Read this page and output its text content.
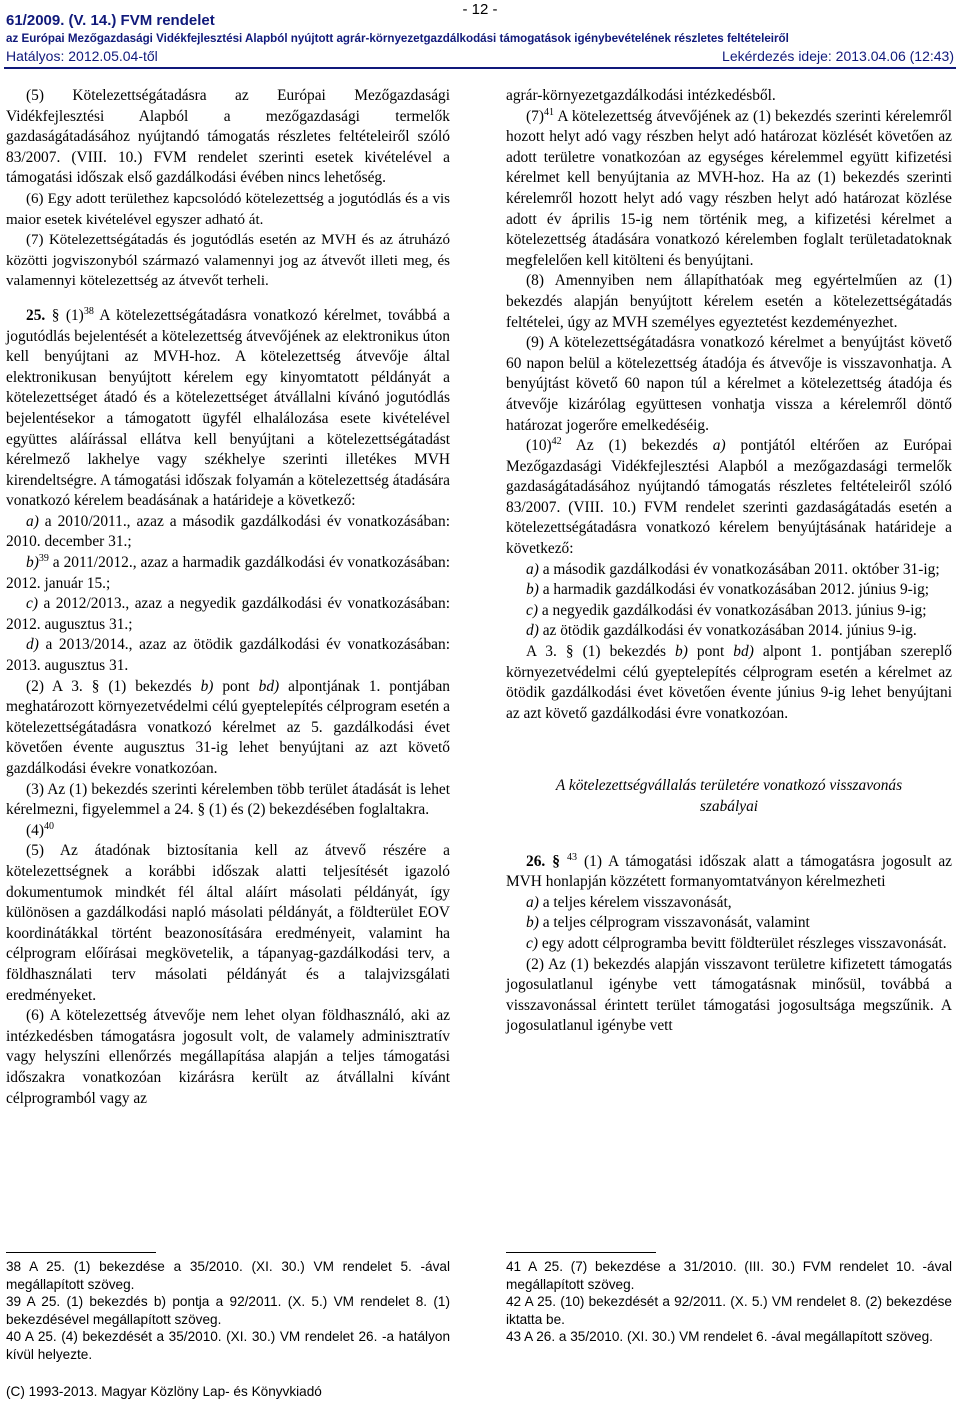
- 12 -
61/2009. (V. 14.) FVM rendelet
az Európai Mezőgazdasági Vidékfejlesztési Alapból nyújtott agrár-környezetgazdálkodási támogatások igénybevételének részletes feltételeiről
Hatályos: 2012.05.04-től	Lekérdezés ideje: 2013.04.06 (12:43)

(5) Kötelezettségátadásra az Európai Mezőgazdasági Vidékfejlesztési Alapból a mezőgazdasági termelők gazdaságátadásához nyújtandó támogatás részletes feltételeiről szóló 83/2007. (VIII. 10.) FVM rendelet szerinti esetek kivételével a támogatási időszak első gazdálkodási évében nincs lehetőség.

(6) Egy adott területhez kapcsolódó kötelezettség a jogutódlás és a vis maior esetek kivételével egyszer adható át.

(7) Kötelezettségátadás és jogutódlás esetén az MVH és az átruházó közötti jogviszonyból származó valamennyi jog az átvevőt illeti meg, és valamennyi kötelezettség az átvevőt terheli.

25. § $(1)^{38}$ A kötelezettségátadásra vonatkozó kérelmet, továbbá a jogutódlás bejelentését a kötelezettség átvevőjének az elektronikus úton kell benyújtani az MVH-hoz. A kötelezettség átvevője által elektronikusan benyújtott kérelem egy kinyomtatott példányát a kötelezettséget átadó és a kötelezettséget átvállalni kívánó jogutódlás bejelentésekor a támogatott ügyfél elhalálozása esete kivételével együttes aláírással ellátva kell benyújtani a kötelezettségátadást kérelmező lakhelye vagy székhelye szerinti illetékes MVH kirendeltségre. A támogatási időszak folyamán a kötelezettség átadására vonatkozó kérelem beadásának a határideje a következő:

a) a 2010/2011., azaz a második gazdálkodási év vonatkozásában: 2010. december 31.;

b)$^{39}$ a 2011/2012., azaz a harmadik gazdálkodási év vonatkozásában: 2012. január 15.;

c) a 2012/2013., azaz a negyedik gazdálkodási év vonatkozásában: 2012. augusztus 31.;

d) a 2013/2014., azaz az ötödik gazdálkodási év vonatkozásában: 2013. augusztus 31.

(2) A 3. § (1) bekezdés b) pont bd) alpontjának 1. pontjában meghatározott környezetvédelmi célú gyeptelepítés célprogram esetén a kötelezettségátadásra vonatkozó kérelmet az 5. gazdálkodási évet követően évente augusztus 31-ig lehet benyújtani az azt követő gazdálkodási évekre vonatkozóan.

(3) Az (1) bekezdés szerinti kérelemben több terület átadását is lehet kérelmezni, figyelemmel a 24. § (1) és (2) bekezdésében foglaltakra.

$(4)^{40}$

(5) Az átadónak biztosítania kell az átvevő részére a kötelezettségnek a korábbi időszak alatti teljesítését igazoló dokumentumok mindkét fél által aláírt másolati példányát, így különösen a gazdálkodási napló másolati példányát, a földterület EOV koordinátákkal történt beazonosítására eredményeit, valamint ha célprogram előírásai megkövetelik, a tápanyag-gazdálkodási terv, a földhasználati terv másolati példányát és a talajvizsgálati eredményeket.

(6) A kötelezettség átvevője nem lehet olyan földhasználó, aki az intézkedésben támogatásra jogosult volt, de valamely adminisztratív vagy helyszíni ellenőrzés megállapítása alapján a teljes támogatási időszakra vonatkozóan kizárásra került az átvállalni kívánt célprogramból vagy az

agrár-környezetgazdálkodási intézkedésből.

$(7)^{41}$ A kötelezettség átvevőjének az (1) bekezdés szerinti kérelemről hozott helyt adó vagy részben helyt adó határozat közlését követően az adott területre vonatkozóan az egységes kérelemmel együtt kifizetési kérelmet kell benyújtania az MVH-hoz. Ha az (1) bekezdés szerinti kérelemről hozott helyt adó vagy részben helyt adó határozat közlése adott év április 15-ig nem történik meg, a kifizetési kérelmet a kötelezettség átadására vonatkozó kérelemben foglalt területadatoknak megfelelően kell kitölteni és benyújtani.

(8) Amennyiben nem állapíthatóak meg egyértelműen az (1) bekezdés alapján benyújtott kérelem esetén a kötelezettségátadás feltételei, úgy az MVH személyes egyeztetést kezdeményezhet.

(9) A kötelezettségátadásra vonatkozó kérelmet a benyújtást követő 60 napon belül a kötelezettség átadója és átvevője is visszavonhatja. A benyújtást követő 60 napon túl a kérelmet a kötelezettség átadója és átvevője kizárólag együttesen vonhatja vissza a kérelemről döntő határozat jogerőre emelkedéséig.

$(10)^{42}$ Az (1) bekezdés a) pontjától eltérően az Európai Mezőgazdasági Vidékfejlesztési Alapból a mezőgazdasági termelők gazdaságátadásához nyújtandó támogatás részletes feltételeiről szóló 83/2007. (VIII. 10.) FVM rendelet szerinti gazdaságátadás esetén a kötelezettségátadásra vonatkozó kérelem benyújtásának határideje a következő:

a) a második gazdálkodási év vonatkozásában 2011. október 31-ig;

b) a harmadik gazdálkodási év vonatkozásában 2012. június 9-ig;

c) a negyedik gazdálkodási év vonatkozásában 2013. június 9-ig;

d) az ötödik gazdálkodási év vonatkozásában 2014. június 9-ig.

A 3. § (1) bekezdés b) pont bd) alpont 1. pontjában szereplő környezetvédelmi célú gyeptelepítés célprogram esetén a kérelmet az ötödik gazdálkodási évet követően évente június 9-ig lehet benyújtani az azt követő gazdálkodási évre vonatkozóan.

A kötelezettségvállalás területére vonatkozó visszavonás szabályai

26. § $^{43}$ (1) A támogatási időszak alatt a támogatásra jogosult az MVH honlapján közzétett formanyomtatványon kérelmezheti

a) a teljes kérelem visszavonását,

b) a teljes célprogram visszavonását, valamint

c) egy adott célprogramba bevitt földterület részleges visszavonását.

(2) Az (1) bekezdés alapján visszavont területre kifizetett támogatás jogosulatlanul igénybe vett támogatásnak minősül, továbbá a visszavonással érintett terület támogatási jogosultsága megszűnik. A jogosulatlanul igénybe vett

38 A 25. (1) bekezdése a 35/2010. (XI. 30.) VM rendelet 5. -ával megállapított szöveg.

39 A 25. (1) bekezdés b) pontja a 92/2011. (X. 5.) VM rendelet 8. (1) bekezdésével megállapított szöveg.

40 A 25. (4) bekezdését a 35/2010. (XI. 30.) VM rendelet 26. -a hatályon kívül helyezte.

41 A 25. (7) bekezdése a 31/2010. (III. 30.) FVM rendelet 10. -ával megállapított szöveg.

42 A 25. (10) bekezdését a 92/2011. (X. 5.) VM rendelet 8. (2) bekezdése iktatta be.

43 A 26. a 35/2010. (XI. 30.) VM rendelet 6. -ával megállapított szöveg.

(C) 1993-2013. Magyar Közlöny Lap- és Könyvkiadó
